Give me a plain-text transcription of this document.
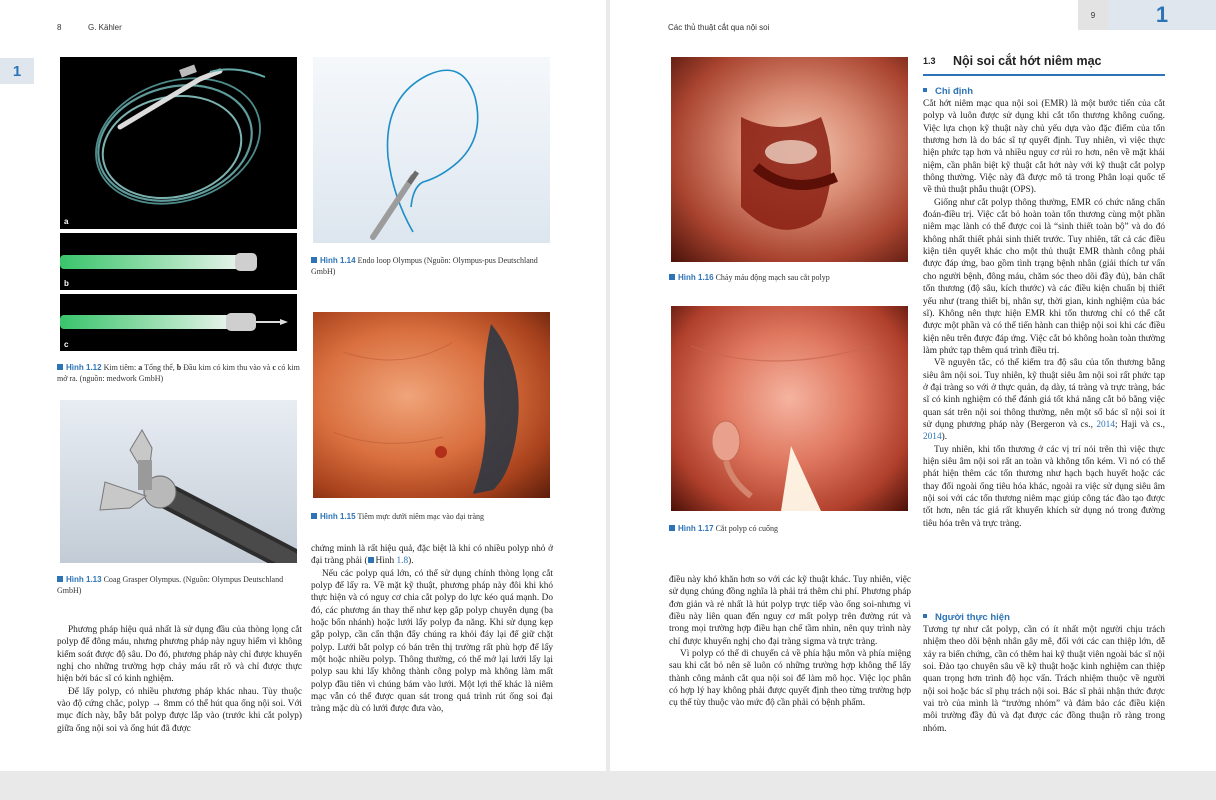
8	G. Kähler
1
a
b
c
Hình 1.12 Kim tiêm: a Tổng thể, b Đầu kim có kim thu vào và c có kim mở ra. (nguồn: medwork GmbH)
Hình 1.13 Coag Grasper Olympus. (Nguồn: Olympus Deutschland GmbH)
Hình 1.14 Endo loop Olympus (Nguồn: Olympus-pus Deutschland GmbH)
Hình 1.15 Tiêm mực dưới niêm mạc vào đại tràng

Phương pháp hiệu quả nhất là sử dụng đầu của thòng lọng cắt polyp để đông máu, nhưng phương pháp này nguy hiểm vì không kiểm soát được độ sâu. Do đó, phương pháp này chỉ được khuyến nghị cho những trường hợp chảy máu rất rõ và chỉ được thực hiện bởi bác sĩ có kinh nghiệm.

Để lấy polyp, có nhiều phương pháp khác nhau. Tùy thuộc vào độ cứng chắc, polyp → 8mm có thể hút qua ống nội soi. Với mục đích này, bẫy bắt polyp được lắp vào (trước khi cắt polyp) giữa ống nội soi và ống hút đã được

chứng minh là rất hiệu quả, đặc biệt là khi có nhiều polyp nhỏ ở đại tràng phải ( Hình 1.8).

Nếu các polyp quá lớn, có thể sử dụng chính thòng lọng cắt polyp để lấy ra. Về mặt kỹ thuật, phương pháp này đôi khi khó thực hiện và có nguy cơ chia cắt polyp do lực kéo quá mạnh. Do đó, các phương án thay thế như kẹp gắp polyp chuyên dụng (ba hoặc bốn nhánh) hoặc lưới lấy polyp đa năng. Khi sử dụng kẹp gắp polyp, cần cẩn thận đẩy chúng ra khỏi đáy lại để giữ chặt polyp. Lưới bắt polyp có bán trên thị trường rất phù hợp để lấy một hoặc nhiều polyp. Thông thường, có thể mở lại lưới lấy lại polyp sau khi lấy không thành công polyp mà không làm mất polyp đầu tiên vì chúng bám vào lưới. Một lợi thế khác là niêm mạc vẫn có thể được quan sát trong quá trình rút ống soi đại tràng mặc dù có lưới được đưa vào,

Các thủ thuật cắt qua nội soi
9	1
Hình 1.16 Chảy máu động mạch sau cắt polyp
Hình 1.17 Cắt polyp có cuống

điều này khó khăn hơn so với các kỹ thuật khác. Tuy nhiên, việc sử dụng chúng đồng nghĩa là phải trả thêm chi phí. Phương pháp đơn giản và rẻ nhất là hút polyp trực tiếp vào ống soi-nhưng vì điều này liên quan đến nguy cơ mất polyp trên đường rút và trong mọi trường hợp điều hạn chế tầm nhìn, nên quy trình này chỉ được khuyến nghị cho đại tràng sigma và trực tràng.

Vì polyp có thể di chuyển cả về phía hậu môn và phía miệng sau khi cắt bỏ nên sẽ luôn có những trường hợp không thể lấy thành công mảnh cắt qua nội soi để làm mô học. Việc lọc phân có hợp lý hay không phải được quyết định theo từng trường hợp cụ thể tùy thuộc vào mức độ cần phải có bệnh phẩm.

1.3 Nội soi cắt hớt niêm mạc
Chỉ định

Cắt hớt niêm mạc qua nội soi (EMR) là một bước tiến của cắt polyp và luôn được sử dụng khi cắt tổn thương không cuống. Việc lựa chọn kỹ thuật này chủ yếu dựa vào đặc điểm của tổn thương hơn là do bác sĩ tự quyết định. Tuy nhiên, vì việc thực hiện phức tạp hơn và nhiều nguy cơ rủi ro hơn, nên về mặt khái niệm, cần phân biệt kỹ thuật cắt hớt này với kỹ thuật cắt polyp thông thường. Việc này đã được mô tả trong Phân loại quốc tế về thủ thuật phẫu thuật (OPS).

Giống như cắt polyp thông thường, EMR có chức năng chẩn đoán-điều trị. Việc cắt bỏ hoàn toàn tổn thương cùng một phần niêm mạc lành có thể được coi là “sinh thiết toàn bộ” và do đó không nhất thiết phải sinh thiết trước. Tuy nhiên, tất cả các điều kiện tiên quyết khác cho một thủ thuật EMR thành công phải được đáp ứng, bao gồm tình trạng bệnh nhân (giải thích tư vấn cho người bệnh, đông máu, chăm sóc theo dõi đầy đủ), bản chất tổn thương (độ sâu, kích thước) và các điều kiện chuẩn bị thiết yếu như (trang thiết bị, nhân sự, thời gian, kinh nghiệm của bác sĩ). Không nên thực hiện EMR khi tổn thương chỉ có thể cắt được một phần và có thể tiến hành can thiệp nội soi khi các điều kiện nêu trên được đáp ứng. Việc cắt bỏ không hoàn toàn thường làm phức tạp thêm quá trình điều trị.

Về nguyên tắc, có thể kiểm tra độ sâu của tổn thương bằng siêu âm nội soi. Tuy nhiên, kỹ thuật siêu âm nội soi rất phức tạp ở đại tràng so với ở thực quản, dạ dày, tá tràng và trực tràng, bác sĩ có kinh nghiệm có thể đánh giá tốt khả năng cắt bỏ bằng việc quan sát trên nội soi thông thường, nên một số bác sĩ nội soi ít sử dụng phương pháp này (Bergeron và cs., 2014; Haji và cs., 2014).

Tuy nhiên, khi tổn thương ở các vị trí nói trên thì việc thực hiện siêu âm nội soi rất an toàn và không tốn kém. Vì nó có thể phát hiện thêm các tổn thương như hạch bạch huyết hoặc các thay đổi ngoài ống tiêu hóa khác, ngoài ra việc sử dụng siêu âm nội soi với các tổn thương niêm mạc giúp công tác đào tạo được tốt hơn, nên tác giả rất khuyến khích sử dụng nó trong đường tiêu hóa trên và trực tràng.

Người thực hiện

Tương tự như cắt polyp, cần có ít nhất một người chịu trách nhiệm theo dõi bệnh nhân gây mê, đối với các can thiệp lớn, dễ xảy ra biến chứng, cần có thêm hai kỹ thuật viên ngoài bác sĩ nội soi. Đào tạo chuyên sâu về kỹ thuật hoặc kinh nghiệm can thiệp quan trọng hơn trình độ học vấn. Trách nhiệm thuộc về người nội soi hoặc bác sĩ phụ trách nội soi. Bác sĩ phải nhận thức được vai trò của mình là “trưởng nhóm” và đảm bảo các điều kiện môi trường đầy đủ và đạt được các đồng thuận rõ ràng trong nhóm.
